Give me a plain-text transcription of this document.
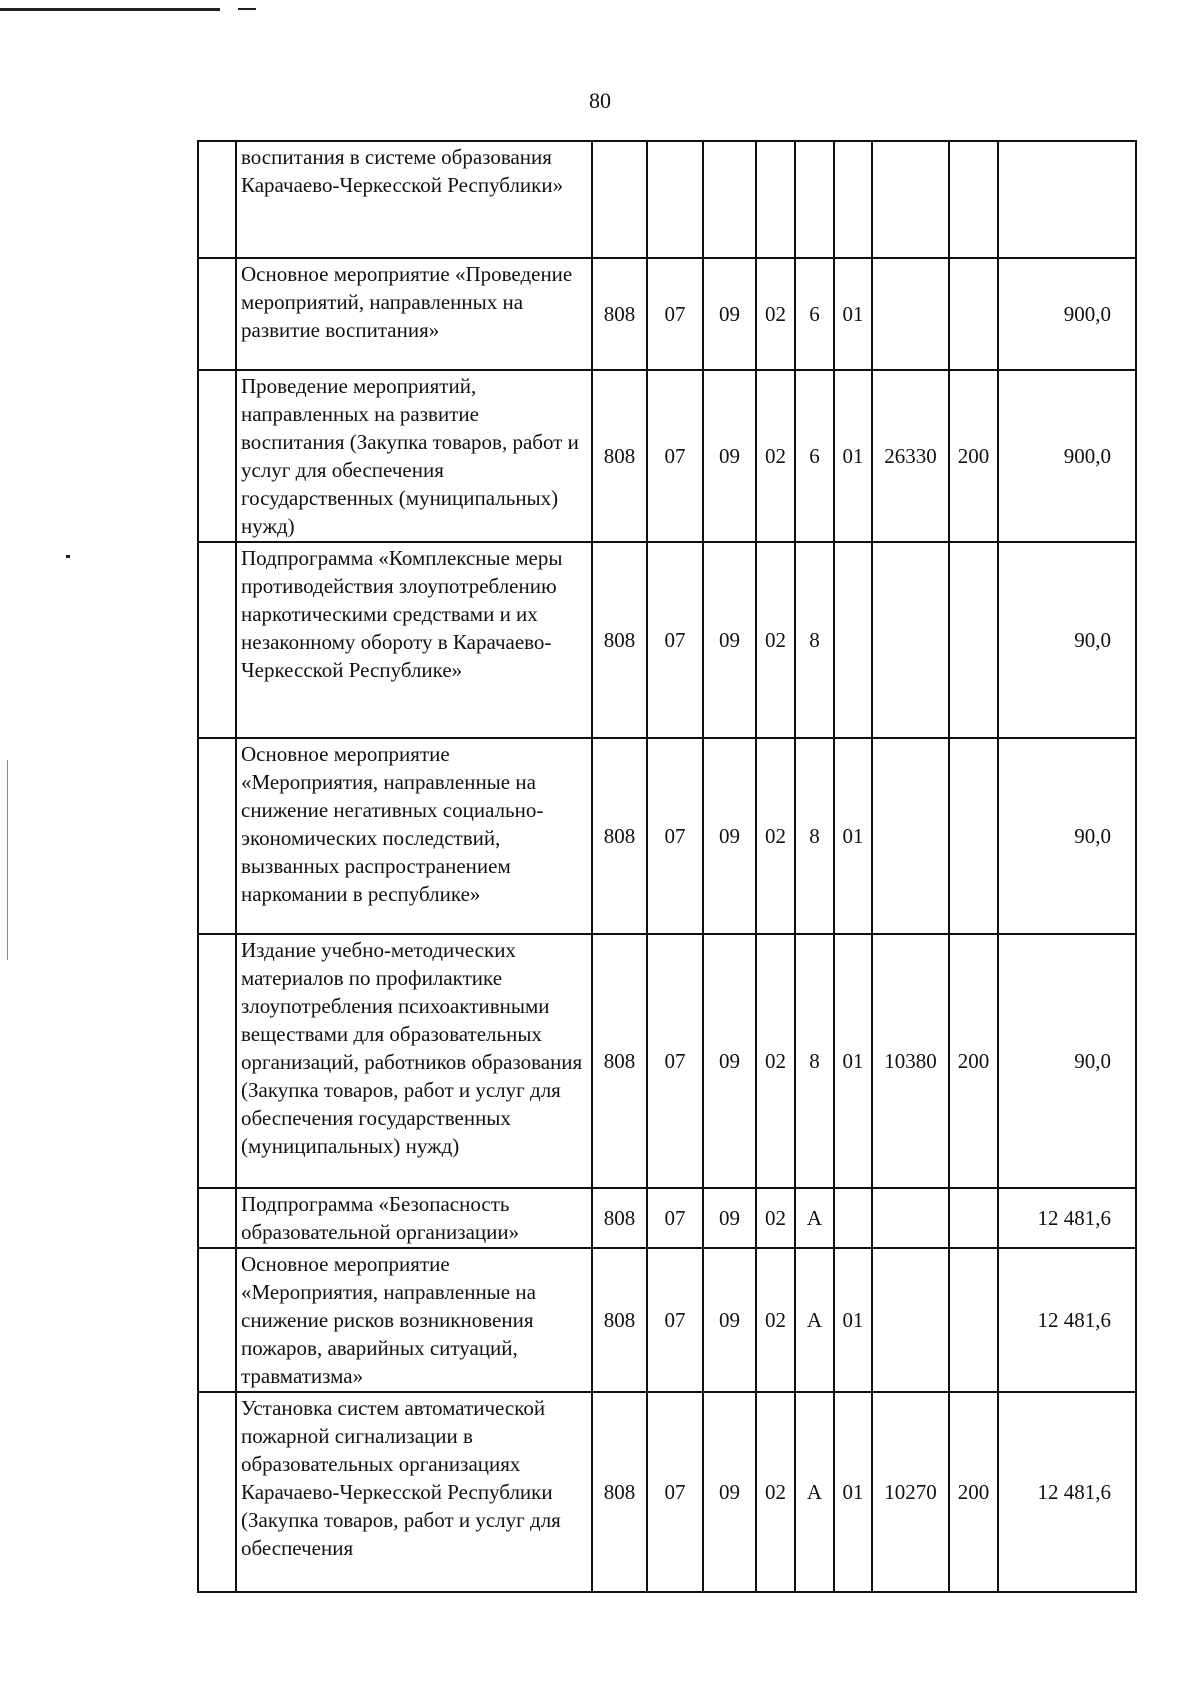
80
	воспитания в системе образования Карачаево-Черкесской Республики»									
	Основное мероприятие «Проведение мероприятий, направленных на развитие воспитания»	808	07	09	02	6	01			900,0
	Проведение мероприятий, направленных на развитие воспитания (Закупка товаров, работ и услуг для обеспечения государственных (муниципальных) нужд)	808	07	09	02	6	01	26330	200	900,0
	Подпрограмма «Комплексные меры противодействия злоупотреблению наркотическими средствами и их незаконному обороту в Карачаево-Черкесской Республике»	808	07	09	02	8				90,0
	Основное мероприятие «Мероприятия, направленные на снижение негативных социально-экономических последствий, вызванных распространением наркомании в республике»	808	07	09	02	8	01			90,0
	Издание учебно-методических материалов по профилактике злоупотребления психоактивными веществами для образовательных организаций, работников образования (Закупка товаров, работ и услуг для обеспечения государственных (муниципальных) нужд)	808	07	09	02	8	01	10380	200	90,0
	Подпрограмма «Безопасность образовательной организации»	808	07	09	02	А				12 481,6
	Основное мероприятие «Мероприятия, направленные на снижение рисков возникновения пожаров, аварийных ситуаций, травматизма»	808	07	09	02	А	01			12 481,6
	Установка систем автоматической пожарной сигнализации в образовательных организациях Карачаево-Черкесской Республики (Закупка товаров, работ и услуг для обеспечения	808	07	09	02	А	01	10270	200	12 481,6
